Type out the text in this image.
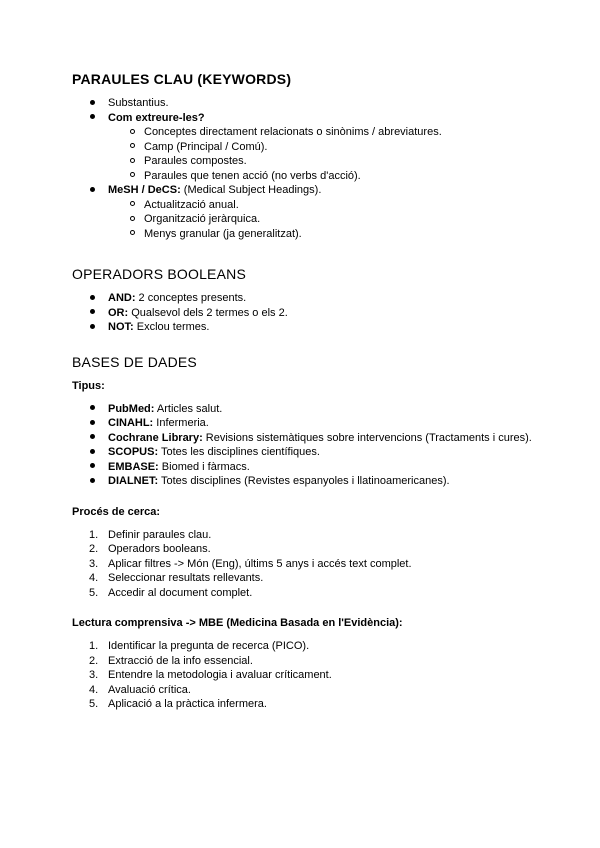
PARAULES CLAU (KEYWORDS)
Substantius.
Com extreure-les?
Conceptes directament relacionats o sinònims / abreviatures.
Camp (Principal / Comú).
Paraules compostes.
Paraules que tenen acció (no verbs d'acció).
MeSH / DeCS: (Medical Subject Headings).
Actualització anual.
Organització jeràrquica.
Menys granular (ja generalitzat).
OPERADORS BOOLEANS
AND: 2 conceptes presents.
OR: Qualsevol dels 2 termes o els 2.
NOT: Exclou termes.
BASES DE DADES

Tipus:

PubMed: Articles salut.
CINAHL: Infermeria.
Cochrane Library: Revisions sistemàtiques sobre intervencions (Tractaments i cures).
SCOPUS: Totes les disciplines científiques.
EMBASE: Biomed i fàrmacs.
DIALNET: Totes disciplines (Revistes espanyoles i llatinoamericanes).

Procés de cerca:

1. Definir paraules clau.
2. Operadors booleans.
3. Aplicar filtres -> Món (Eng), últims 5 anys i accés text complet.
4. Seleccionar resultats rellevants.
5. Accedir al document complet.

Lectura comprensiva -> MBE (Medicina Basada en l'Evidència):

1. Identificar la pregunta de recerca (PICO).
2. Extracció de la info essencial.
3. Entendre la metodologia i avaluar críticament.
4. Avaluació crítica.
5. Aplicació a la pràctica infermera.
